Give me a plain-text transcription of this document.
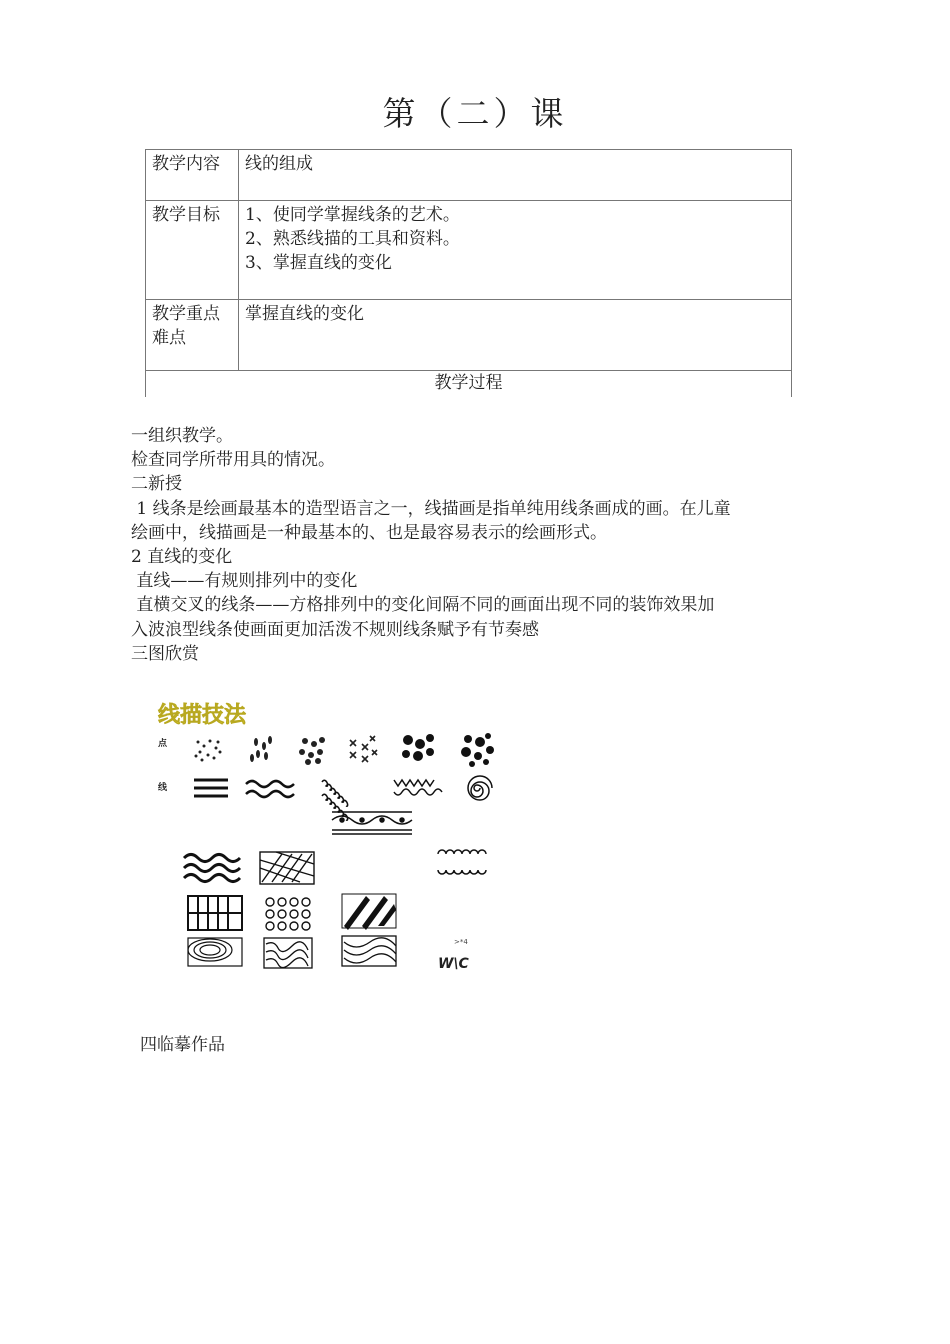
第（二）课
教学内容	线的组成

教学目标	1、使同学掌握线条的艺术。
2、熟悉线描的工具和资料。
3、掌握直线的变化

教学重点
难点	掌握直线的变化

教学过程	

一组织教学。

检查同学所带用具的情况。

二新授

1 线条是绘画最基本的造型语言之一，线描画是指单纯用线条画成的画。在儿童

绘画中，线描画是一种最基本的、也是最容易表示的绘画形式。

2 直线的变化

直线——有规则排列中的变化

直横交叉的线条——方格排列中的变化间隔不同的画面出现不同的装饰效果加

入波浪型线条使画面更加活泼不规则线条赋予有节奏感

三图欣赏

线描技法
点
线
>*4
W\C
四临摹作品
